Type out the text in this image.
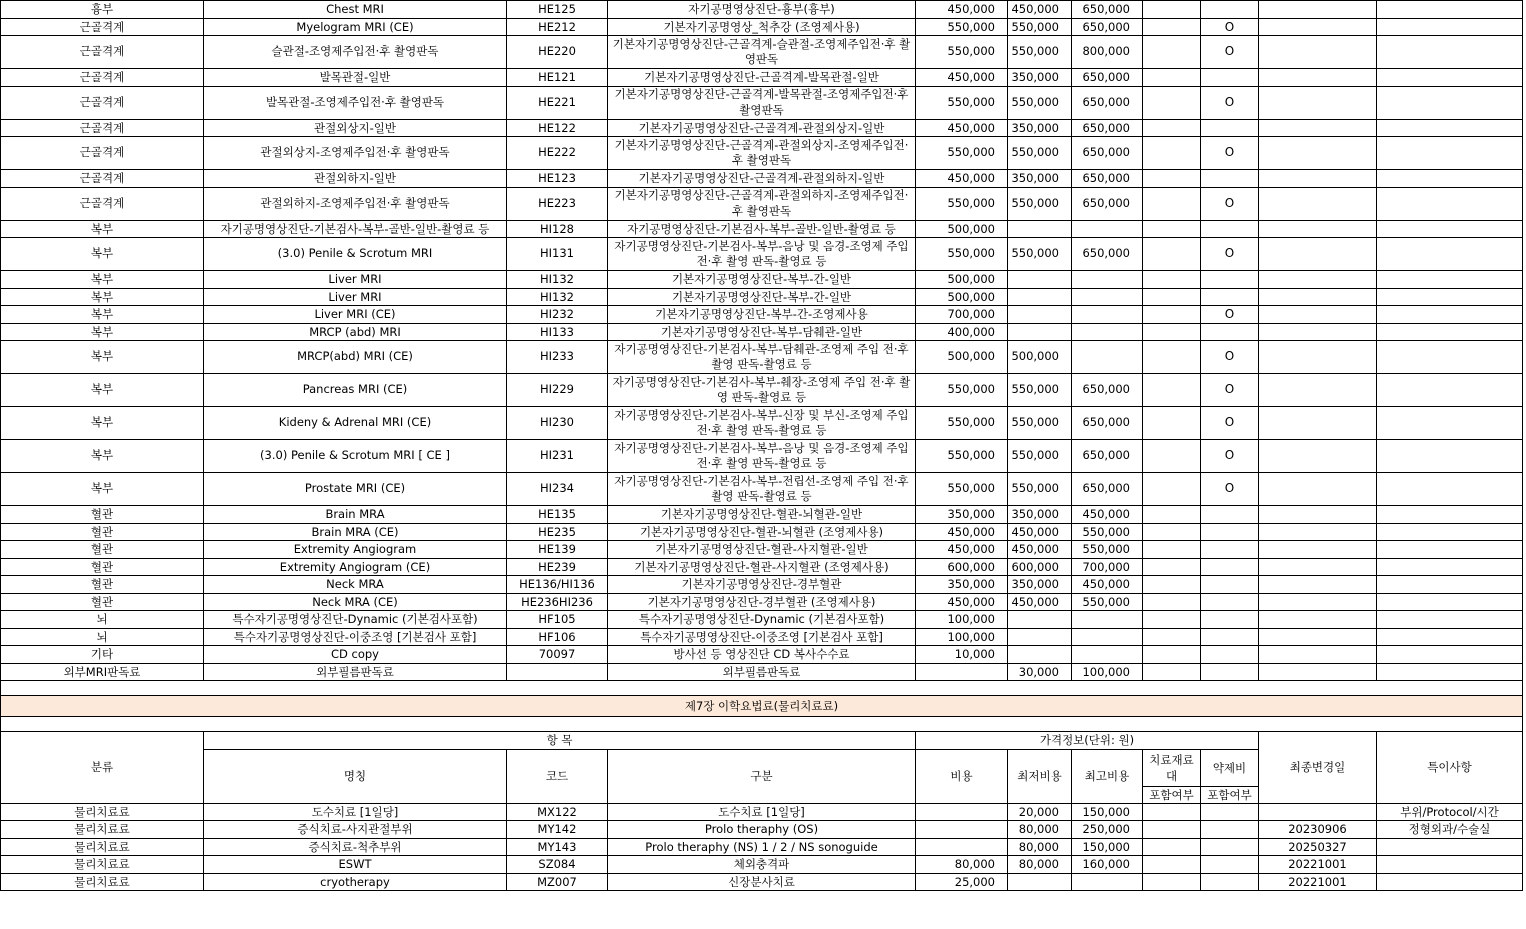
흉부	Chest MRI	HE125	자기공명영상진단-흉부(흉부)	450,000	450,000	650,000				
근골격계	Myelogram MRI (CE)	HE212	기본자기공명영상_척추강 (조영제사용)	550,000	550,000	650,000		O		
근골격계	슬관절-조영제주입전·후 촬영판독	HE220	기본자기공명영상진단-근골격계-슬관절-조영제주입전·후 촬영판독	550,000	550,000	800,000		O		
근골격계	발목관절-일반	HE121	기본자기공명영상진단-근골격계-발목관절-일반	450,000	350,000	650,000				
근골격계	발목관절-조영제주입전·후 촬영판독	HE221	기본자기공명영상진단-근골격계-발목관절-조영제주입전·후 촬영판독	550,000	550,000	650,000		O		
근골격계	관절외상지-일반	HE122	기본자기공명영상진단-근골격계-관절외상지-일반	450,000	350,000	650,000				
근골격계	관절외상지-조영제주입전·후 촬영판독	HE222	기본자기공명영상진단-근골격계-관절외상지-조영제주입전·후 촬영판독	550,000	550,000	650,000		O		
근골격계	관절외하지-일반	HE123	기본자기공명영상진단-근골격계-관절외하지-일반	450,000	350,000	650,000				
근골격계	관절외하지-조영제주입전·후 촬영판독	HE223	기본자기공명영상진단-근골격계-관절외하지-조영제주입전·후 촬영판독	550,000	550,000	650,000		O		
복부	자기공명영상진단-기본검사-복부-골반-일반-촬영료 등	HI128	자기공명영상진단-기본검사-복부-골반-일반-촬영료 등	500,000						
복부	(3.0) Penile & Scrotum MRI	HI131	자기공명영상진단-기본검사-복부-음낭 및 음경-조영제 주입 전·후 촬영 판독-촬영료 등	550,000	550,000	650,000		O		
복부	Liver MRI	HI132	기본자기공명영상진단-복부-간-일반	500,000						
복부	Liver MRI	HI132	기본자기공명영상진단-복부-간-일반	500,000						
복부	Liver MRI (CE)	HI232	기본자기공명영상진단-복부-간-조영제사용	700,000				O		
복부	MRCP (abd) MRI	HI133	기본자기공명영상진단-복부-담췌관-일반	400,000						
복부	MRCP(abd) MRI (CE)	HI233	자기공명영상진단-기본검사-복부-담췌관-조영제 주입 전·후 촬영 판독-촬영료 등	500,000	500,000			O		
복부	Pancreas MRI (CE)	HI229	자기공명영상진단-기본검사-복부-췌장-조영제 주입 전·후 촬영 판독-촬영료 등	550,000	550,000	650,000		O		
복부	Kideny & Adrenal MRI (CE)	HI230	자기공명영상진단-기본검사-복부-신장 및 부신-조영제 주입 전·후 촬영 판독-촬영료 등	550,000	550,000	650,000		O		
복부	(3.0) Penile & Scrotum MRI [ CE ]	HI231	자기공명영상진단-기본검사-복부-음낭 및 음경-조영제 주입 전·후 촬영 판독-촬영료 등	550,000	550,000	650,000		O		
복부	Prostate MRI (CE)	HI234	자기공명영상진단-기본검사-복부-전립선-조영제 주입 전·후 촬영 판독-촬영료 등	550,000	550,000	650,000		O		
혈관	Brain MRA	HE135	기본자기공명영상진단-혈관-뇌혈관-일반	350,000	350,000	450,000				
혈관	Brain MRA (CE)	HE235	기본자기공명영상진단-혈관-뇌혈관 (조영제사용)	450,000	450,000	550,000				
혈관	Extremity Angiogram	HE139	기본자기공명영상진단-혈관-사지혈관-일반	450,000	450,000	550,000				
혈관	Extremity Angiogram (CE)	HE239	기본자기공명영상진단-혈관-사지혈관 (조영제사용)	600,000	600,000	700,000				
혈관	Neck MRA	HE136/HI136	기본자기공명영상진단-경부혈관	350,000	350,000	450,000				
혈관	Neck MRA (CE)	HE236HI236	기본자기공명영상진단-경부혈관 (조영제사용)	450,000	450,000	550,000				
뇌	특수자기공명영상진단-Dynamic (기본검사포함)	HF105	특수자기공명영상진단-Dynamic (기본검사포함)	100,000						
뇌	특수자기공명영상진단-이중조영 [기본검사 포함]	HF106	특수자기공명영상진단-이중조영 [기본검사 포함]	100,000						
기타	CD copy	70097	방사선 등 영상진단 CD 복사수수료	10,000						
외부MRI판독료	외부필름판독료		외부필름판독료		30,000	100,000				

제7장 이학요법료(물리치료료)										

분류	항 목			가격정보(단위: 원)					최종변경일	특이사항
	명칭	코드	구분	비용	최저비용	최고비용	치료재료대	약제비		
							포함여부	포함여부		
물리치료료	도수치료 [1일당]	MX122	도수치료 [1일당]		20,000	150,000				부위/Protocol/시간
물리치료료	증식치료-사지관절부위	MY142	Prolo theraphy (OS)		80,000	250,000			20230906	정형외과/수술실
물리치료료	증식치료-척추부위	MY143	Prolo theraphy (NS) 1 / 2 / NS sonoguide		80,000	150,000			20250327	
물리치료료	ESWT	SZ084	체외충격파	80,000	80,000	160,000			20221001	
물리치료료	cryotherapy	MZ007	신장분사치료	25,000					20221001	
